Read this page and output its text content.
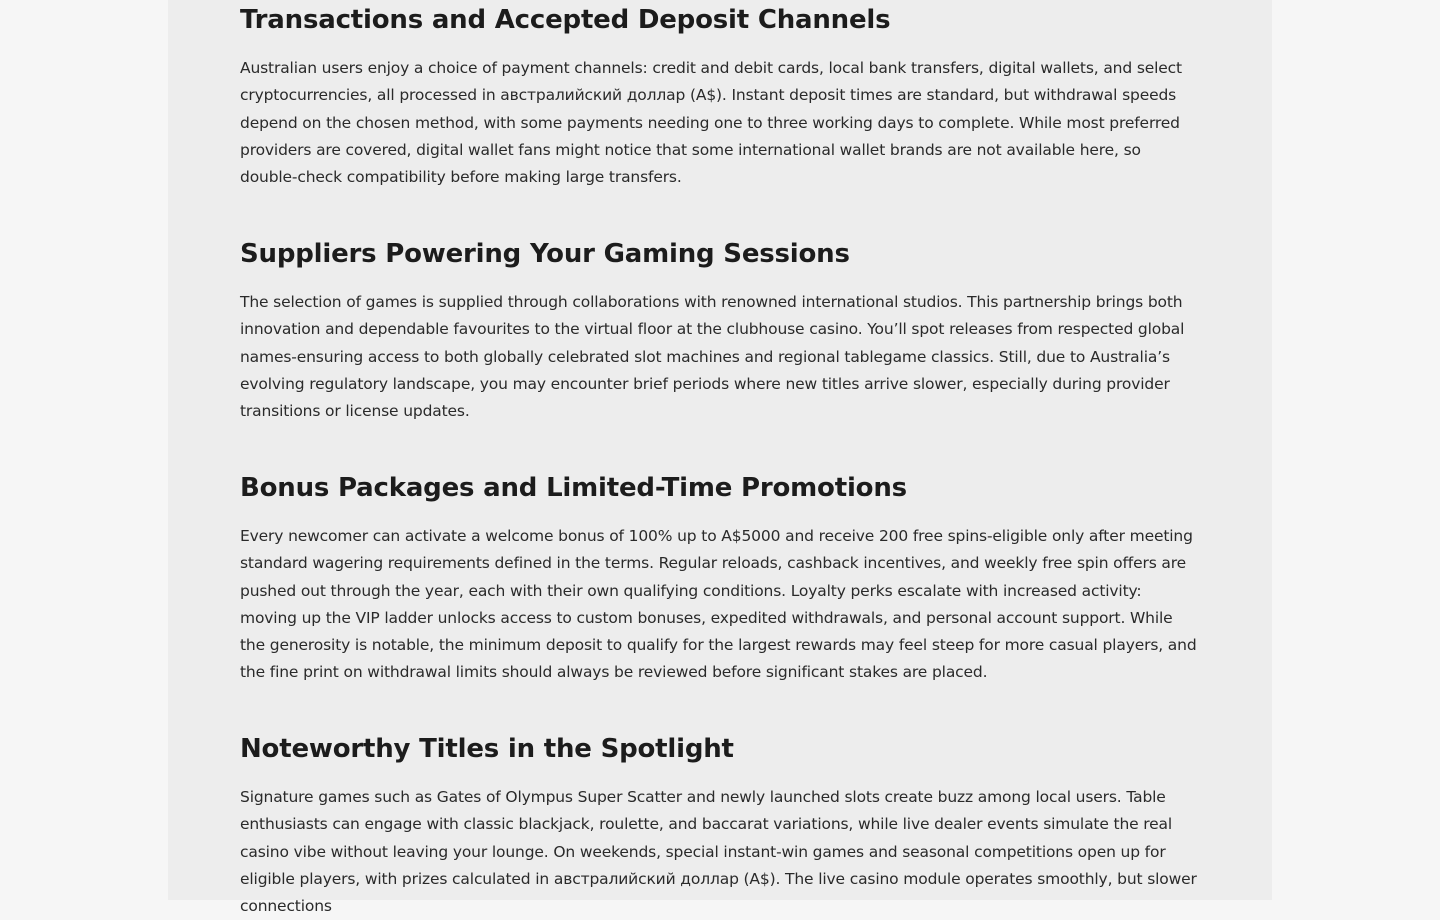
Transactions and Accepted Deposit Channels

Australian users enjoy a choice of payment channels: credit and debit cards, local bank transfers, digital wallets, and select cryptocurrencies, all processed in австралийский доллар (A$). Instant deposit times are standard, but withdrawal speeds depend on the chosen method, with some payments needing one to three working days to complete. While most preferred providers are covered, digital wallet fans might notice that some international wallet brands are not available here, so double-check compatibility before making large transfers.

Suppliers Powering Your Gaming Sessions

The selection of games is supplied through collaborations with renowned international studios. This partnership brings both innovation and dependable favourites to the virtual floor at the clubhouse casino. You’ll spot releases from respected global names-ensuring access to both globally celebrated slot machines and regional tablegame classics. Still, due to Australia’s evolving regulatory landscape, you may encounter brief periods where new titles arrive slower, especially during provider transitions or license updates.

Bonus Packages and Limited-Time Promotions

Every newcomer can activate a welcome bonus of 100% up to A$5000 and receive 200 free spins-eligible only after meeting standard wagering requirements defined in the terms. Regular reloads, cashback incentives, and weekly free spin offers are pushed out through the year, each with their own qualifying conditions. Loyalty perks escalate with increased activity: moving up the VIP ladder unlocks access to custom bonuses, expedited withdrawals, and personal account support. While the generosity is notable, the minimum deposit to qualify for the largest rewards may feel steep for more casual players, and the fine print on withdrawal limits should always be reviewed before significant stakes are placed.

Noteworthy Titles in the Spotlight

Signature games such as Gates of Olympus Super Scatter and newly launched slots create buzz among local users. Table enthusiasts can engage with classic blackjack, roulette, and baccarat variations, while live dealer events simulate the real casino vibe without leaving your lounge. On weekends, special instant-win games and seasonal competitions open up for eligible players, with prizes calculated in австралийский доллар (A$). The live casino module operates smoothly, but slower connections
